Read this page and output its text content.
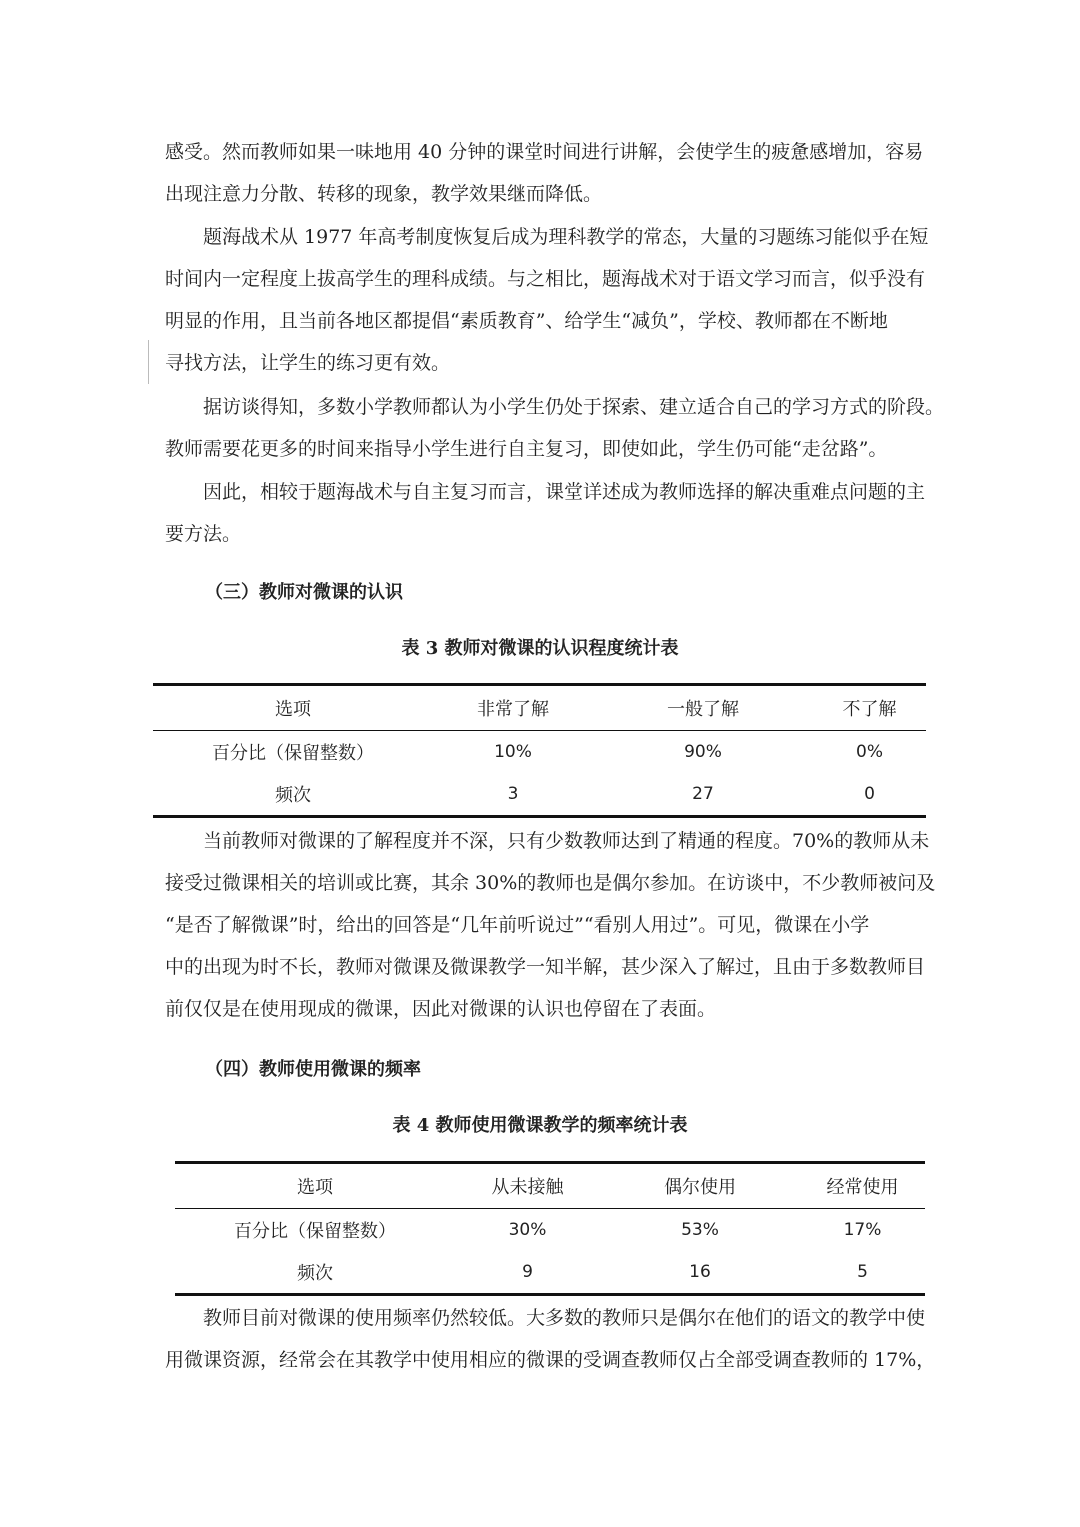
感受。然而教师如果一味地用 40 分钟的课堂时间进行讲解，会使学生的疲惫感增加，容易
出现注意力分散、转移的现象，教学效果继而降低。
题海战术从 1977 年高考制度恢复后成为理科教学的常态，大量的习题练习能似乎在短
时间内一定程度上拔高学生的理科成绩。与之相比，题海战术对于语文学习而言，似乎没有
明显的作用，且当前各地区都提倡“素质教育”、给学生“减负”，学校、教师都在不断地
寻找方法，让学生的练习更有效。
据访谈得知，多数小学教师都认为小学生仍处于探索、建立适合自己的学习方式的阶段。
教师需要花更多的时间来指导小学生进行自主复习，即使如此，学生仍可能“走岔路”。
因此，相较于题海战术与自主复习而言，课堂详述成为教师选择的解决重难点问题的主
要方法。

（三）教师对微课的认识

表 3 教师对微课的认识程度统计表

选项	非常了解	一般了解	不了解
百分比（保留整数）	10%	90%	0%
频次	3	27	0
当前教师对微课的了解程度并不深，只有少数教师达到了精通的程度。70%的教师从未
接受过微课相关的培训或比赛，其余 30%的教师也是偶尔参加。在访谈中，不少教师被问及
“是否了解微课”时，给出的回答是“几年前听说过”“看别人用过”。可见，微课在小学
中的出现为时不长，教师对微课及微课教学一知半解，甚少深入了解过，且由于多数教师目
前仅仅是在使用现成的微课，因此对微课的认识也停留在了表面。

（四）教师使用微课的频率

表 4 教师使用微课教学的频率统计表

选项	从未接触	偶尔使用	经常使用
百分比（保留整数）	30%	53%	17%
频次	9	16	5
教师目前对微课的使用频率仍然较低。大多数的教师只是偶尔在他们的语文的教学中使
用微课资源，经常会在其教学中使用相应的微课的受调查教师仅占全部受调查教师的 17%，
